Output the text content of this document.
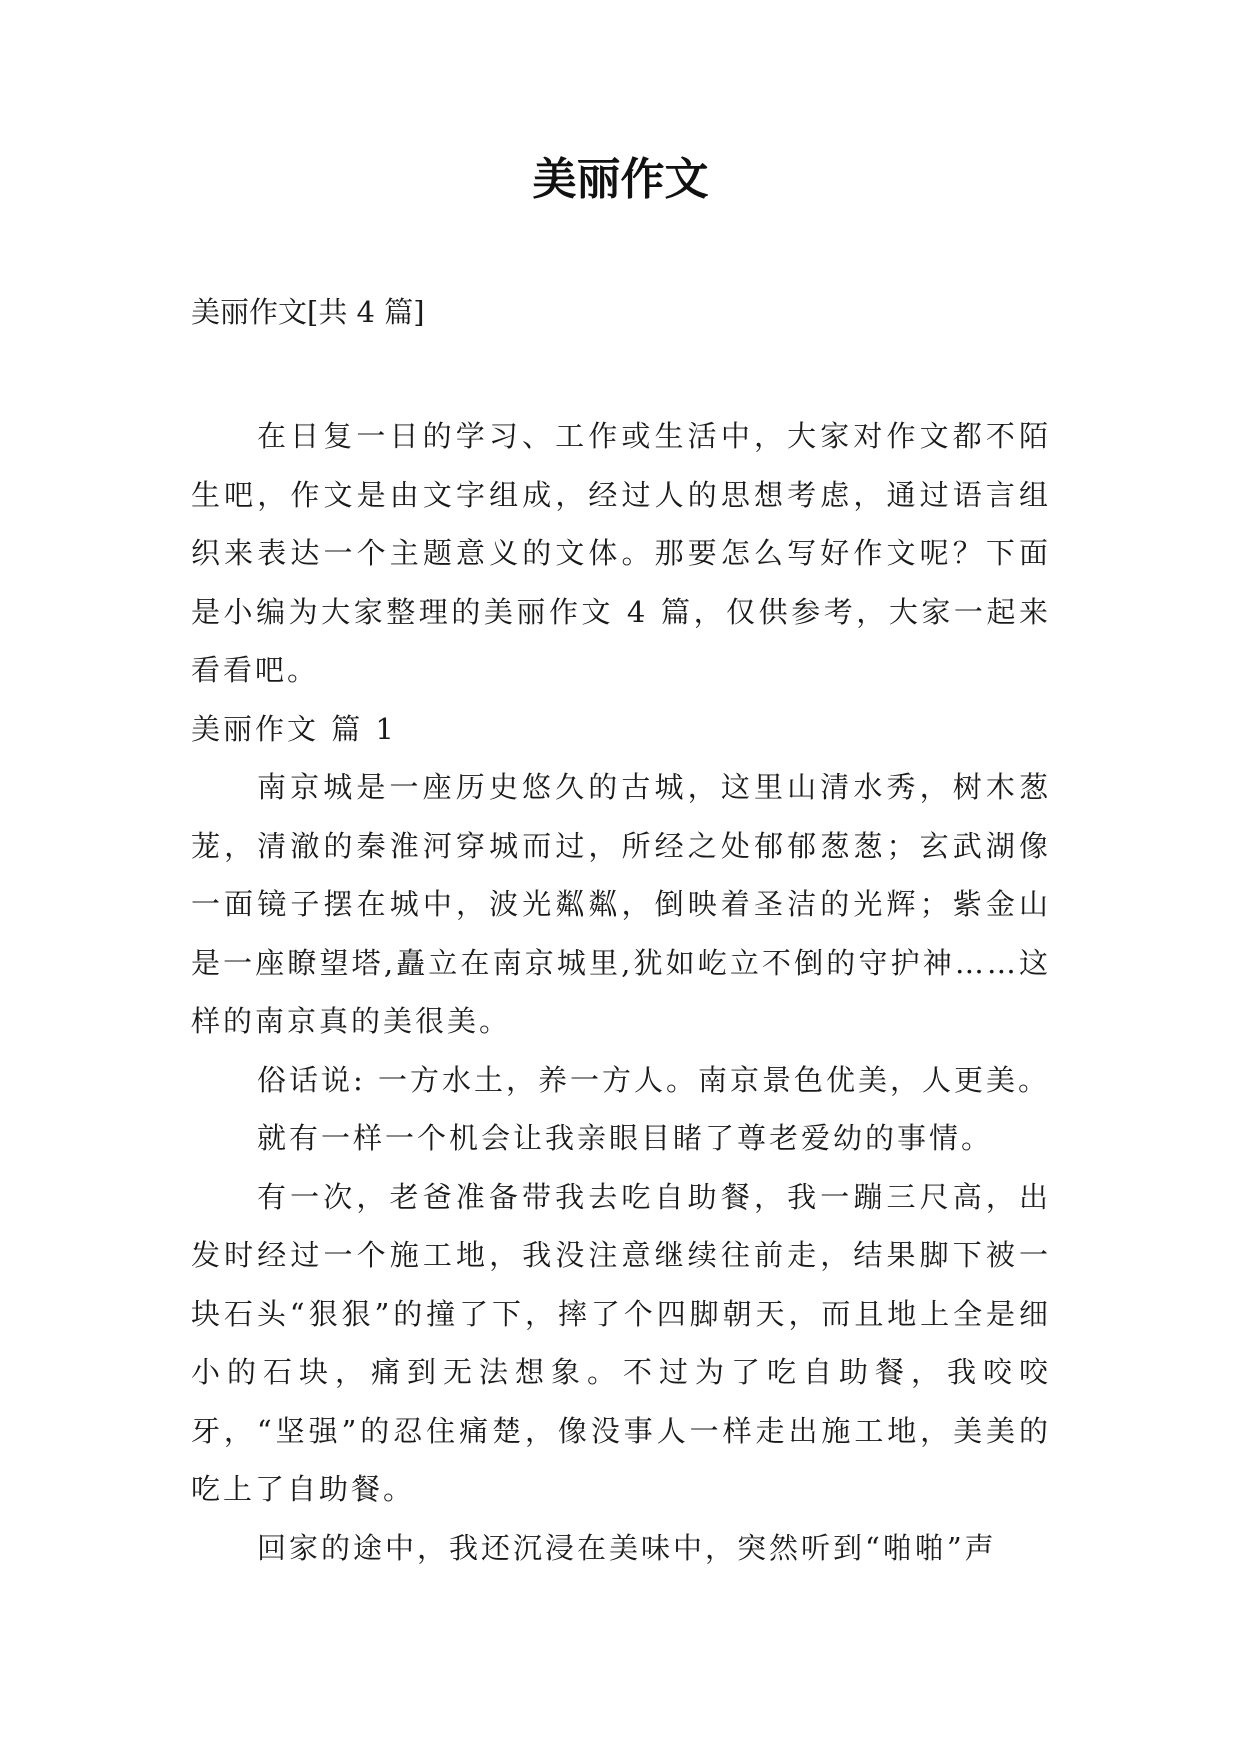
美丽作文

美丽作文[共 4 篇]

在日复一日的学习、工作或生活中，大家对作文都不陌生吧，作文是由文字组成，经过人的思想考虑，通过语言组织来表达一个主题意义的文体。那要怎么写好作文呢？下面是小编为大家整理的美丽作文 4 篇，仅供参考，大家一起来看看吧。

美丽作文 篇 1

南京城是一座历史悠久的古城，这里山清水秀，树木葱茏，清澈的秦淮河穿城而过，所经之处郁郁葱葱；玄武湖像一面镜子摆在城中，波光粼粼，倒映着圣洁的光辉；紫金山是一座瞭望塔,矗立在南京城里,犹如屹立不倒的守护神……这样的南京真的美很美。

俗话说: 一方水土，养一方人。南京景色优美，人更美。

就有一样一个机会让我亲眼目睹了尊老爱幼的事情。

有一次，老爸准备带我去吃自助餐，我一蹦三尺高，出发时经过一个施工地，我没注意继续往前走，结果脚下被一块石头“狠狠”的撞了下，摔了个四脚朝天，而且地上全是细小的石块，痛到无法想象。不过为了吃自助餐，我咬咬牙，“坚强”的忍住痛楚，像没事人一样走出施工地，美美的吃上了自助餐。

回家的途中，我还沉浸在美味中，突然听到“啪啪”声
